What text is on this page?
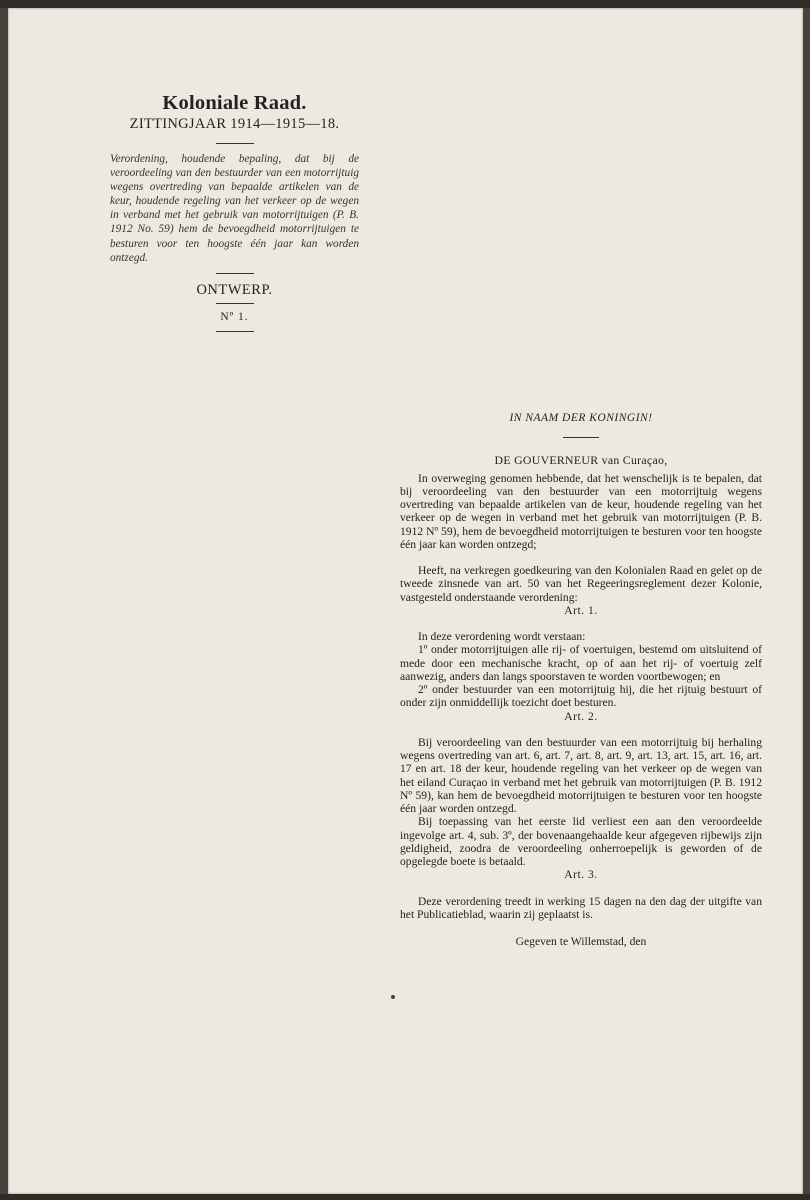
Koloniale Raad.
ZITTINGJAAR 1914—1915—18.
Verordening, houdende bepaling, dat bij de veroordeeling van den bestuurder van een motorrijtuig wegens overtreding van bepaalde artikelen van de keur, houdende regeling van het verkeer op de wegen in verband met het gebruik van motorrijtuigen (P. B. 1912 No. 59) hem de bevoegdheid motorrijtuigen te besturen voor ten hoogste één jaar kan worden ontzegd.
ONTWERP.
Nº 1.
IN NAAM DER KONINGIN!
DE GOUVERNEUR van Curaçao,

In overweging genomen hebbende, dat het wenschelijk is te bepalen, dat bij veroordeeling van den bestuurder van een motorrijtuig wegens overtreding van bepaalde artikelen van de keur, houdende regeling van het verkeer op de wegen in verband met het gebruik van motorrijtuigen (P. B. 1912 Nº 59), hem de bevoegdheid motorrijtuigen te besturen voor ten hoogste één jaar kan worden ontzegd;

Heeft, na verkregen goedkeuring van den Kolonialen Raad en gelet op de tweede zinsnede van art. 50 van het Regeeringsreglement dezer Kolonie, vastgesteld onderstaande verordening:

Art. 1.

In deze verordening wordt verstaan:

1º onder motorrijtuigen alle rij- of voertuigen, bestemd om uitsluitend of mede door een mechanische kracht, op of aan het rij- of voertuig zelf aanwezig, anders dan langs spoorstaven te worden voortbewogen; en

2º onder bestuurder van een motorrijtuig hij, die het rijtuig bestuurt of onder zijn onmiddellijk toezicht doet besturen.

Art. 2.

Bij veroordeeling van den bestuurder van een motorrijtuig bij herhaling wegens overtreding van art. 6, art. 7, art. 8, art. 9, art. 13, art. 15, art. 16, art. 17 en art. 18 der keur, houdende regeling van het verkeer op de wegen van het eiland Curaçao in verband met het gebruik van motorrijtuigen (P. B. 1912 Nº 59), kan hem de bevoegdheid motorrijtuigen te besturen voor ten hoogste één jaar worden ontzegd.

Bij toepassing van het eerste lid verliest een aan den veroordeelde ingevolge art. 4, sub. 3º, der bovenaangehaalde keur afgegeven rijbewijs zijn geldigheid, zoodra de veroordeeling onherroepelijk is geworden of de opgelegde boete is betaald.

Art. 3.

Deze verordening treedt in werking 15 dagen na den dag der uitgifte van het Publicatieblad, waarin zij geplaatst is.

Gegeven te Willemstad, den
